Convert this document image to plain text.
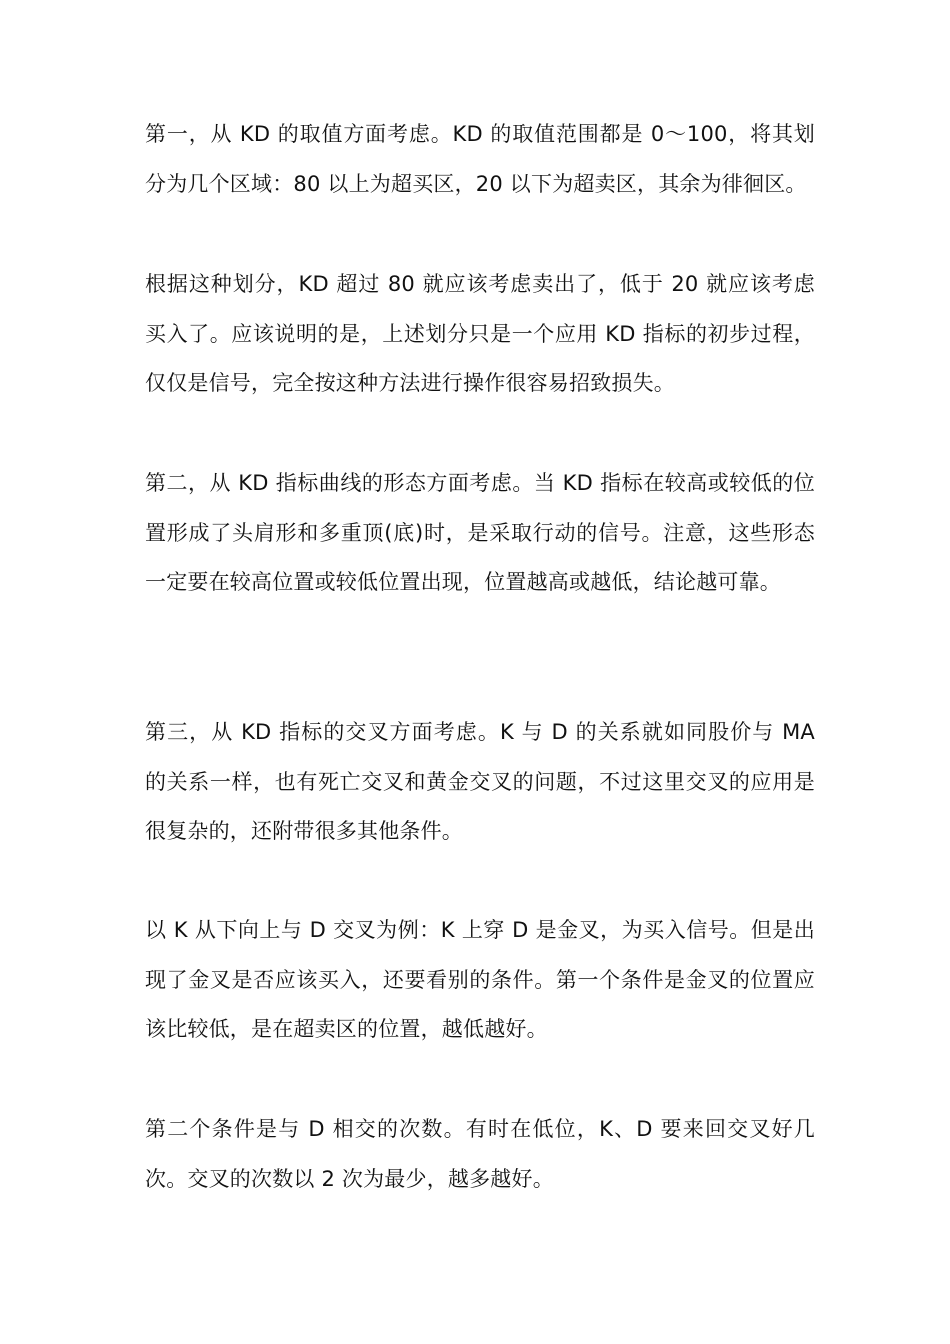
第一，从 KD 的取值方面考虑。KD 的取值范围都是 0～100，将其划分为几个区域：80 以上为超买区，20 以下为超卖区，其余为徘徊区。

根据这种划分，KD 超过 80 就应该考虑卖出了，低于 20 就应该考虑买入了。应该说明的是，上述划分只是一个应用 KD 指标的初步过程，仅仅是信号，完全按这种方法进行操作很容易招致损失。

第二，从 KD 指标曲线的形态方面考虑。当 KD 指标在较高或较低的位置形成了头肩形和多重顶(底)时，是采取行动的信号。注意，这些形态一定要在较高位置或较低位置出现，位置越高或越低，结论越可靠。

第三，从 KD 指标的交叉方面考虑。K 与 D 的关系就如同股价与 MA 的关系一样，也有死亡交叉和黄金交叉的问题，不过这里交叉的应用是很复杂的，还附带很多其他条件。

以 K 从下向上与 D 交叉为例：K 上穿 D 是金叉，为买入信号。但是出现了金叉是否应该买入，还要看别的条件。第一个条件是金叉的位置应该比较低，是在超卖区的位置，越低越好。

第二个条件是与 D 相交的次数。有时在低位，K、D 要来回交叉好几次。交叉的次数以 2 次为最少，越多越好。
